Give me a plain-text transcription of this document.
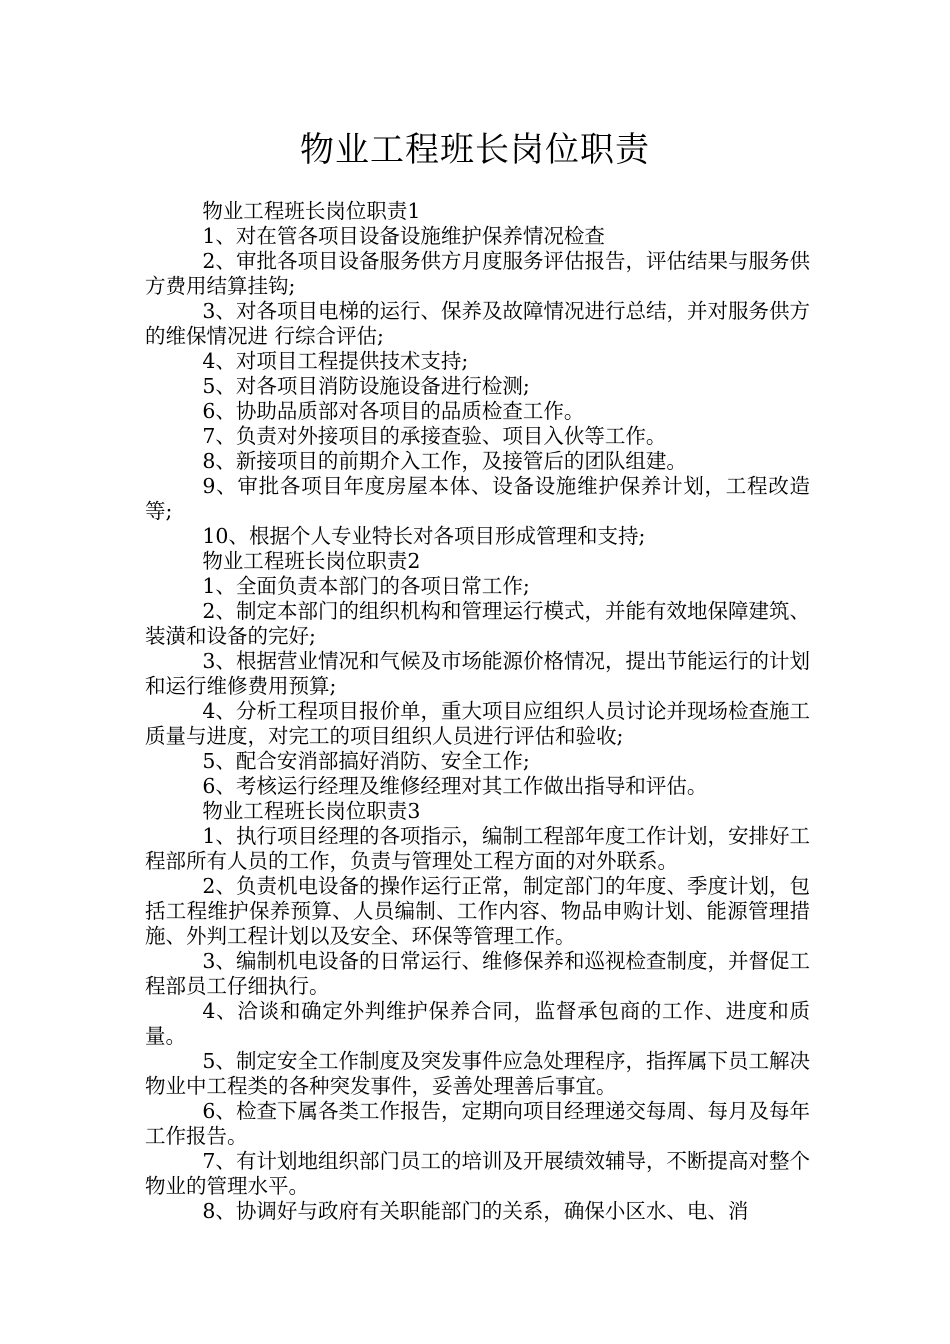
物业工程班长岗位职责
物业工程班长岗位职责1
1、对在管各项目设备设施维护保养情况检查
2、审批各项目设备服务供方月度服务评估报告，评估结果与服务供方费用结算挂钩;
3、对各项目电梯的运行、保养及故障情况进行总结，并对服务供方的维保情况进 行综合评估;
4、对项目工程提供技术支持;
5、对各项目消防设施设备进行检测;
6、协助品质部对各项目的品质检查工作。
7、负责对外接项目的承接查验、项目入伙等工作。
8、新接项目的前期介入工作，及接管后的团队组建。
9、审批各项目年度房屋本体、设备设施维护保养计划，工程改造等;
10、根据个人专业特长对各项目形成管理和支持;
物业工程班长岗位职责2
1、全面负责本部门的各项日常工作;
2、制定本部门的组织机构和管理运行模式，并能有效地保障建筑、装潢和设备的完好;
3、根据营业情况和气候及市场能源价格情况，提出节能运行的计划和运行维修费用预算;
4、分析工程项目报价单，重大项目应组织人员讨论并现场检查施工质量与进度，对完工的项目组织人员进行评估和验收;
5、配合安消部搞好消防、安全工作;
6、考核运行经理及维修经理对其工作做出指导和评估。
物业工程班长岗位职责3
1、执行项目经理的各项指示，编制工程部年度工作计划，安排好工程部所有人员的工作，负责与管理处工程方面的对外联系。
2、负责机电设备的操作运行正常，制定部门的年度、季度计划，包括工程维护保养预算、人员编制、工作内容、物品申购计划、能源管理措施、外判工程计划以及安全、环保等管理工作。
3、编制机电设备的日常运行、维修保养和巡视检查制度，并督促工程部员工仔细执行。
4、洽谈和确定外判维护保养合同，监督承包商的工作、进度和质量。
5、制定安全工作制度及突发事件应急处理程序，指挥属下员工解决物业中工程类的各种突发事件，妥善处理善后事宜。
6、检查下属各类工作报告，定期向项目经理递交每周、每月及每年工作报告。
7、有计划地组织部门员工的培训及开展绩效辅导，不断提高对整个物业的管理水平。
8、协调好与政府有关职能部门的关系，确保小区水、电、消
